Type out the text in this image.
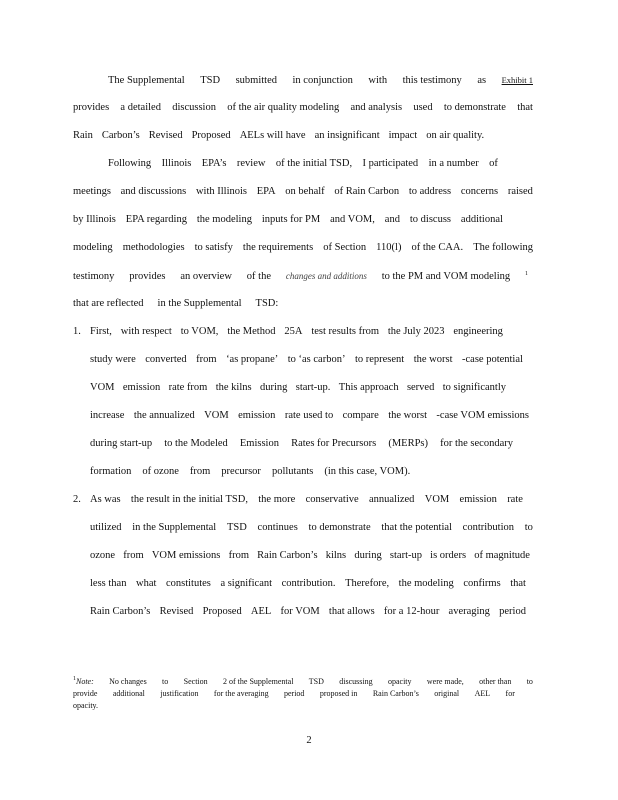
The Supplemental TSD submitted in conjunction with this testimony as Exhibit 1
provides a detailed discussion of the air quality modeling and analysis used to demonstrate that
Rain Carbon’s Revised Proposed AELs will have an insignificant impact on air quality.
Following Illinois EPA’s review of the initial TSD, I participated in a number of
meetings and discussions with Illinois EPA on behalf of Rain Carbon to address concerns raised
by Illinois EPA regarding the modeling inputs for PM and VOM, and to discuss additional
modeling methodologies to satisfy the requirements of Section 110(l) of the CAA. The following
testimony provides an overview of the changes and additions to the PM and VOM modeling 1
that are reflected in the Supplemental TSD:
1. First, with respect to VOM, the Method 25A test results from the July 2023 engineering
study were converted from ‘as propane’ to ‘as carbon’ to represent the worst -case potential
VOM emission rate from the kilns during start-up. This approach served to significantly
increase the annualized VOM emission rate used to compare the worst -case VOM emissions
during start-up to the Modeled Emission Rates for Precursors (MERPs) for the secondary
formation of ozone from precursor pollutants (in this case, VOM).
2. As was the result in the initial TSD, the more conservative annualized VOM emission rate
utilized in the Supplemental TSD continues to demonstrate that the potential contribution to
ozone from VOM emissions from Rain Carbon’s kilns during start-up is orders of magnitude
less than what constitutes a significant contribution. Therefore, the modeling confirms that
Rain Carbon’s Revised Proposed AEL for VOM that allows for a 12-hour averaging period
$^1$Note: No changes to Section 2 of the Supplemental TSD discussing opacity were made, other than to
provide additional justification for the averaging period proposed in Rain Carbon’s original AEL for
opacity.
2
